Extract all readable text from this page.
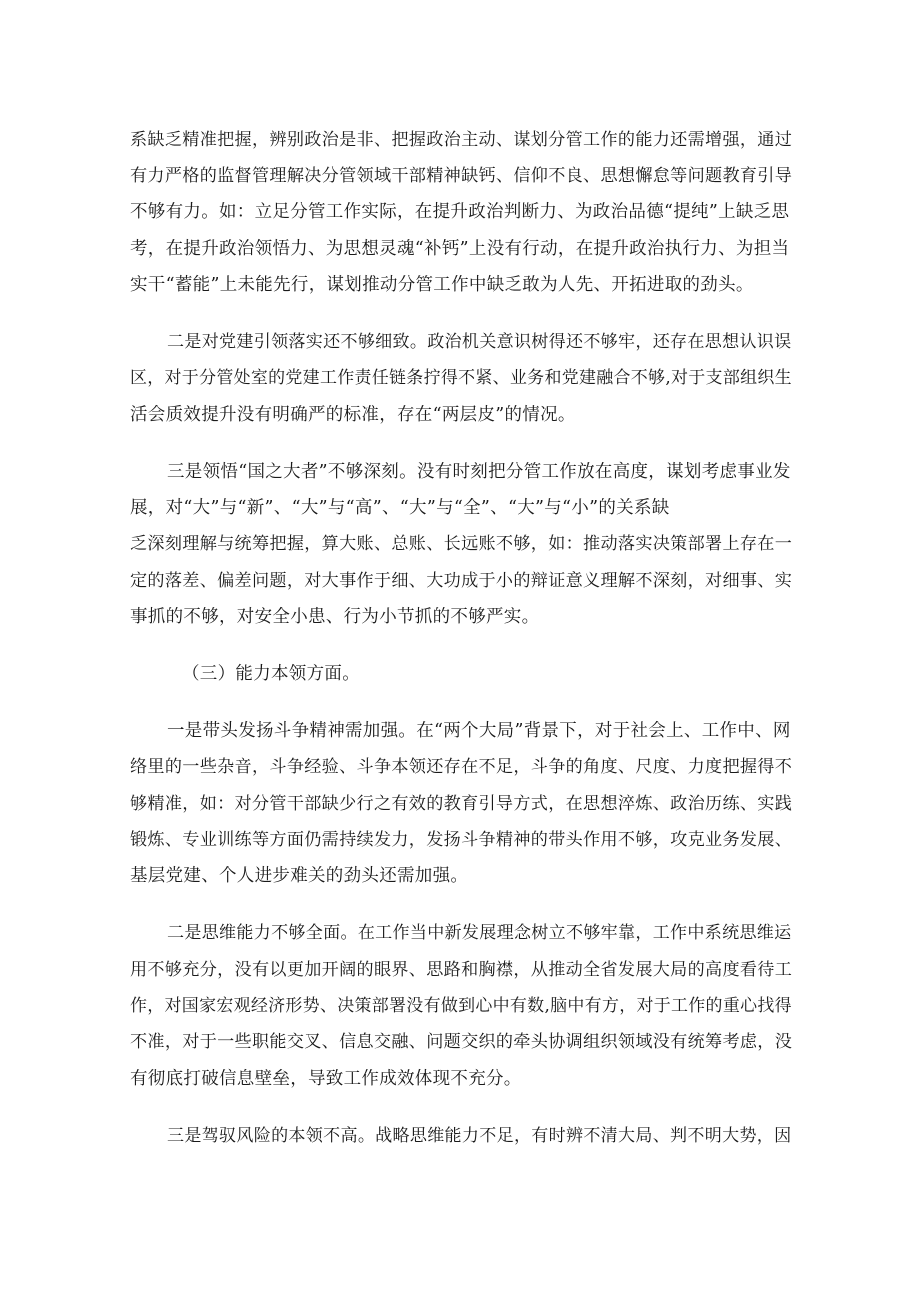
系缺乏精准把握，辨别政治是非、把握政治主动、谋划分管工作的能力还需增强，通过
有力严格的监督管理解决分管领域干部精神缺钙、信仰不良、思想懈怠等问题教育引导
不够有力。如：立足分管工作实际，在提升政治判断力、为政治品德“提纯”上缺乏思
考，在提升政治领悟力、为思想灵魂“补钙”上没有行动，在提升政治执行力、为担当
实干“蓄能”上未能先行，谋划推动分管工作中缺乏敢为人先、开拓进取的劲头。
二是对党建引领落实还不够细致。政治机关意识树得还不够牢，还存在思想认识误
区，对于分管处室的党建工作责任链条拧得不紧、业务和党建融合不够,对于支部组织生
活会质效提升没有明确严的标准，存在“两层皮”的情况。
三是领悟“国之大者”不够深刻。没有时刻把分管工作放在高度，谋划考虑事业发
展，对“大”与“新”、“大”与“高”、“大”与“全”、“大”与“小”的关系缺
乏深刻理解与统筹把握，算大账、总账、长远账不够，如：推动落实决策部署上存在一
定的落差、偏差问题，对大事作于细、大功成于小的辩证意义理解不深刻，对细事、实
事抓的不够，对安全小患、行为小节抓的不够严实。
（三）能力本领方面。
一是带头发扬斗争精神需加强。在“两个大局”背景下，对于社会上、工作中、网
络里的一些杂音，斗争经验、斗争本领还存在不足，斗争的角度、尺度、力度把握得不
够精准，如：对分管干部缺少行之有效的教育引导方式，在思想淬炼、政治历练、实践
锻炼、专业训练等方面仍需持续发力，发扬斗争精神的带头作用不够，攻克业务发展、
基层党建、个人进步难关的劲头还需加强。
二是思维能力不够全面。在工作当中新发展理念树立不够牢靠，工作中系统思维运
用不够充分，没有以更加开阔的眼界、思路和胸襟，从推动全省发展大局的高度看待工
作，对国家宏观经济形势、决策部署没有做到心中有数,脑中有方，对于工作的重心找得
不准，对于一些职能交叉、信息交融、问题交织的牵头协调组织领域没有统筹考虑，没
有彻底打破信息壁垒，导致工作成效体现不充分。
三是驾驭风险的本领不高。战略思维能力不足，有时辨不清大局、判不明大势，因
